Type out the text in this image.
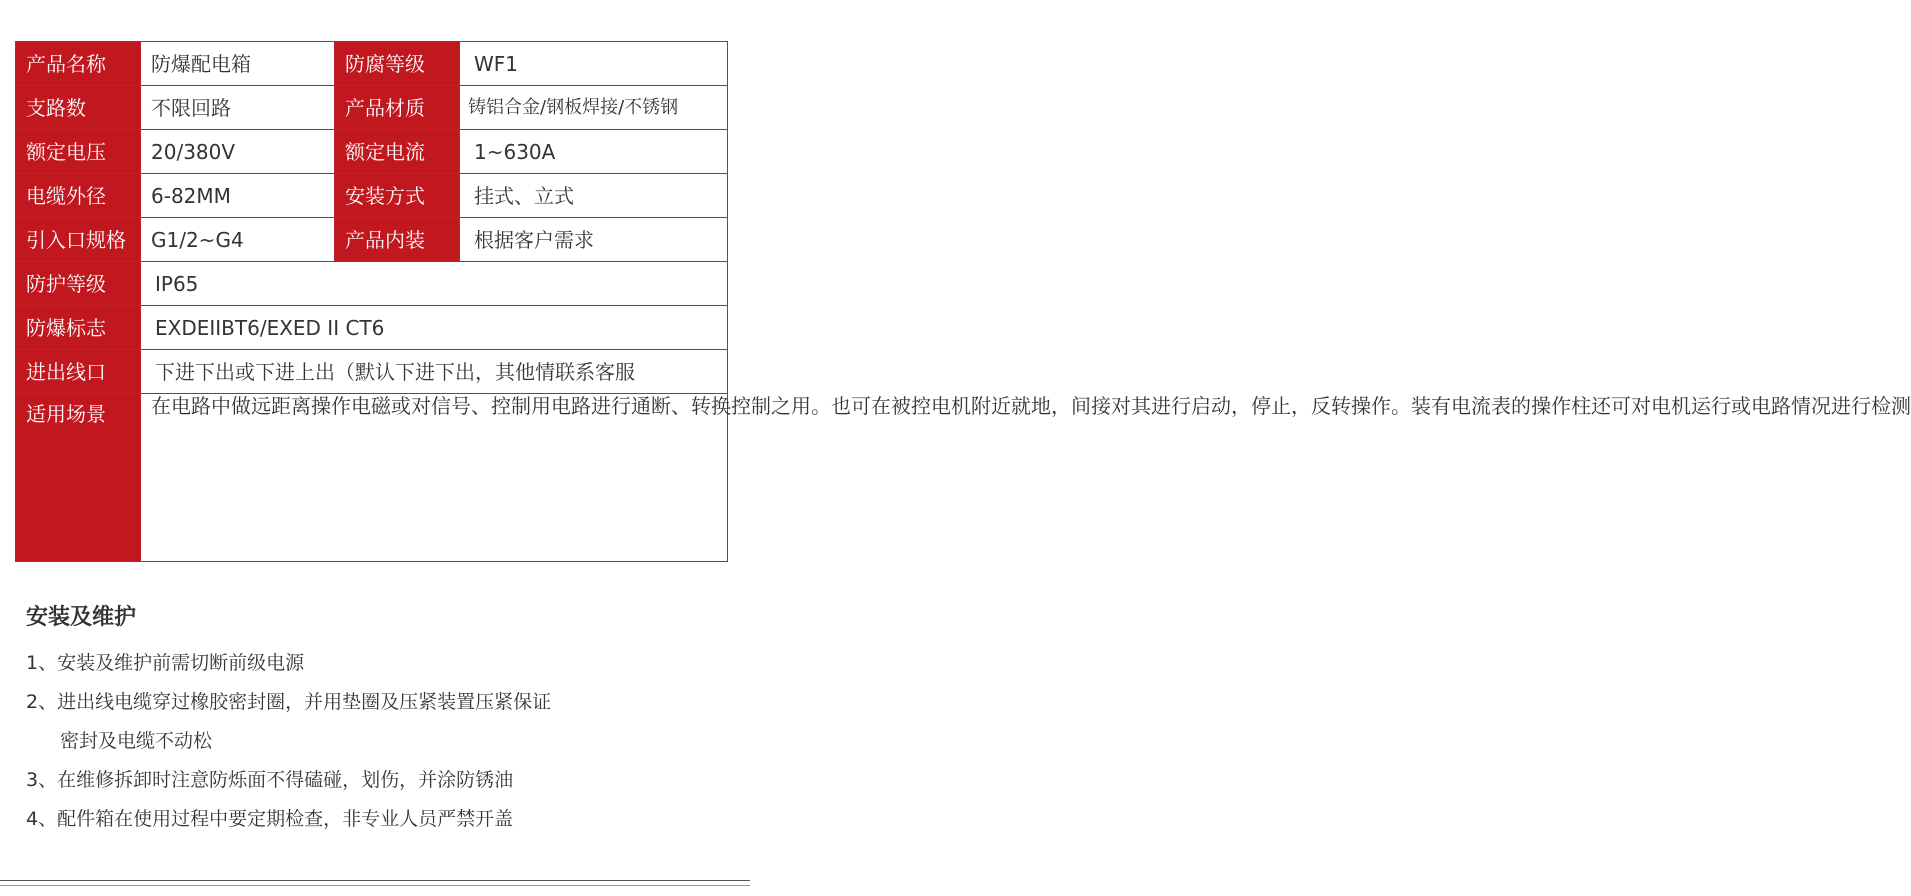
产品名称	防爆配电箱	防腐等级	WF1
支路数	不限回路	产品材质	铸铝合金/钢板焊接/不锈钢
额定电压	20/380V	额定电流	1~630A
电缆外径	6-82MM	安装方式	挂式、立式
引入口规格	G1/2~G4	产品内装	根据客户需求
防护等级	IP65		
防爆标志	EXDEIIBT6/EXED II CT6		
进出线口	下进下出或下进上出（默认下进下出，其他情联系客服		
适用场景	在电路中做远距离操作电磁或对信号、控制用电路进行通断、转换控制之用。也可在被控电机附近就地，间接对其进行启动，停止，反转操作。装有电流表的操作柱还可对电机运行或电路情况进行检测		
安装及维护
1、安装及维护前需切断前级电源
2、进出线电缆穿过橡胶密封圈，并用垫圈及压紧装置压紧保证
密封及电缆不动松
3、在维修拆卸时注意防烁面不得磕碰，划伤，并涂防锈油
4、配件箱在使用过程中要定期检查，非专业人员严禁开盖
